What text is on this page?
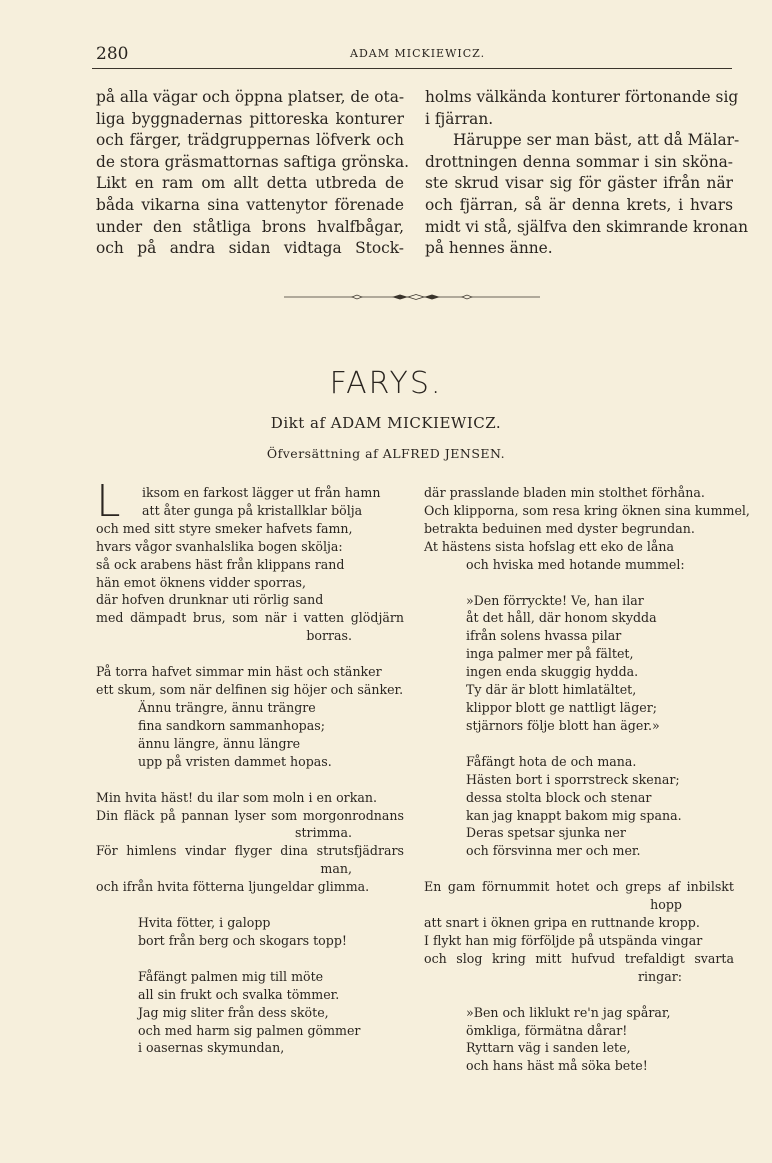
280	ADAM MICKIEWICZ.
på alla vägar och öppna platser, de ota-
liga byggnadernas pittoreska konturer
och färger, trädgruppernas löfverk och
de stora gräsmattornas saftiga grönska.
Likt en ram om allt detta utbreda de
båda vikarna sina vattenytor förenade
under den ståtliga brons hvalfbågar,
och på andra sidan vidtaga Stock-
holms välkända konturer förtonande sig
i fjärran.
Häruppe ser man bäst, att då Mälar-
drottningen denna sommar i sin sköna-
ste skrud visar sig för gäster ifrån när
och fjärran, så är denna krets, i hvars
midt vi stå, själfva den skimrande kronan
på hennes änne.
FARYS.
Dikt af ADAM MICKIEWICZ.
Öfversättning af ALFRED JENSEN.
L iksom en farkost lägger ut från hamn
att åter gunga på kristallklar bölja
och med sitt styre smeker hafvets famn,
hvars vågor svanhalslika bogen skölja:
så ock arabens häst från klippans rand
hän emot öknens vidder sporras,
där hofven drunknar uti rörlig sand
med dämpadt brus, som när i vatten glödjärn
borras.
På torra hafvet simmar min häst och stänker
ett skum, som när delfinen sig höjer och sänker.
Ännu trängre, ännu trängre
fina sandkorn sammanhopas;
ännu längre, ännu längre
upp på vristen dammet hopas.
Min hvita häst! du ilar som moln i en orkan.
Din fläck på pannan lyser som morgonrodnans
strimma.
För himlens vindar flyger dina strutsfjädrars
man,
och ifrån hvita fötterna ljungeldar glimma.
Hvita fötter, i galopp
bort från berg och skogars topp!
Fåfängt palmen mig till möte
all sin frukt och svalka tömmer.
Jag mig sliter från dess sköte,
och med harm sig palmen gömmer
i oasernas skymundan,
där prasslande bladen min stolthet förhåna.
Och klipporna, som resa kring öknen sina kummel,
betrakta beduinen med dyster begrundan.
At hästens sista hofslag ett eko de låna
och hviska med hotande mummel:
»Den förryckte! Ve, han ilar
åt det håll, där honom skydda
ifrån solens hvassa pilar
inga palmer mer på fältet,
ingen enda skuggig hydda.
Ty där är blott himlatältet,
klippor blott ge nattligt läger;
stjärnors följe blott han äger.»
Fåfängt hota de och mana.
Hästen bort i sporrstreck skenar;
dessa stolta block och stenar
kan jag knappt bakom mig spana.
Deras spetsar sjunka ner
och försvinna mer och mer.
En gam förnummit hotet och greps af inbilskt
hopp
att snart i öknen gripa en ruttnande kropp.
I flykt han mig förföljde på utspända vingar
och slog kring mitt hufvud trefaldigt svarta
ringar:
»Ben och liklukt re'n jag spårar,
ömkliga, förmätna dårar!
Ryttarn väg i sanden lete,
och hans häst må söka bete!
